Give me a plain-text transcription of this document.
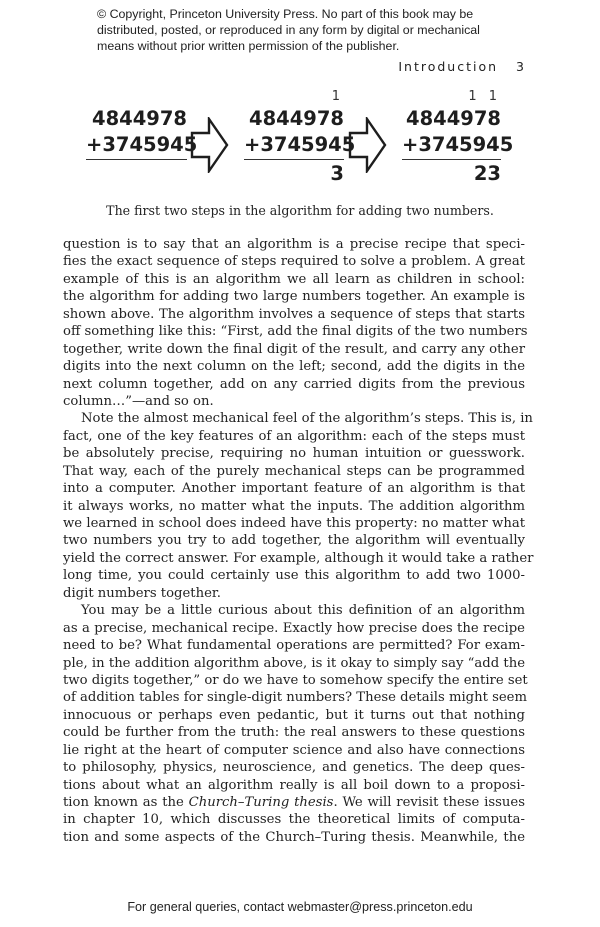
© Copyright, Princeton University Press. No part of this book may be
distributed, posted, or reproduced in any form by digital or mechanical
means without prior written permission of the publisher.
Introduction 3
4844978
+3745945
1
4844978
+3745945
3
1 1
4844978
+3745945
23
The first two steps in the algorithm for adding two numbers.
question is to say that an algorithm is a precise recipe that speci-
fies the exact sequence of steps required to solve a problem. A great
example of this is an algorithm we all learn as children in school:
the algorithm for adding two large numbers together. An example is
shown above. The algorithm involves a sequence of steps that starts
off something like this: “First, add the final digits of the two numbers
together, write down the final digit of the result, and carry any other
digits into the next column on the left; second, add the digits in the
next column together, add on any carried digits from the previous
column…”—and so on.
Note the almost mechanical feel of the algorithm’s steps. This is, in
fact, one of the key features of an algorithm: each of the steps must
be absolutely precise, requiring no human intuition or guesswork.
That way, each of the purely mechanical steps can be programmed
into a computer. Another important feature of an algorithm is that
it always works, no matter what the inputs. The addition algorithm
we learned in school does indeed have this property: no matter what
two numbers you try to add together, the algorithm will eventually
yield the correct answer. For example, although it would take a rather
long time, you could certainly use this algorithm to add two 1000-
digit numbers together.
You may be a little curious about this definition of an algorithm
as a precise, mechanical recipe. Exactly how precise does the recipe
need to be? What fundamental operations are permitted? For exam-
ple, in the addition algorithm above, is it okay to simply say “add the
two digits together,” or do we have to somehow specify the entire set
of addition tables for single-digit numbers? These details might seem
innocuous or perhaps even pedantic, but it turns out that nothing
could be further from the truth: the real answers to these questions
lie right at the heart of computer science and also have connections
to philosophy, physics, neuroscience, and genetics. The deep ques-
tions about what an algorithm really is all boil down to a proposi-
tion known as the Church–Turing thesis. We will revisit these issues
in chapter 10, which discusses the theoretical limits of computa-
tion and some aspects of the Church–Turing thesis. Meanwhile, the
For general queries, contact webmaster@press.princeton.edu
